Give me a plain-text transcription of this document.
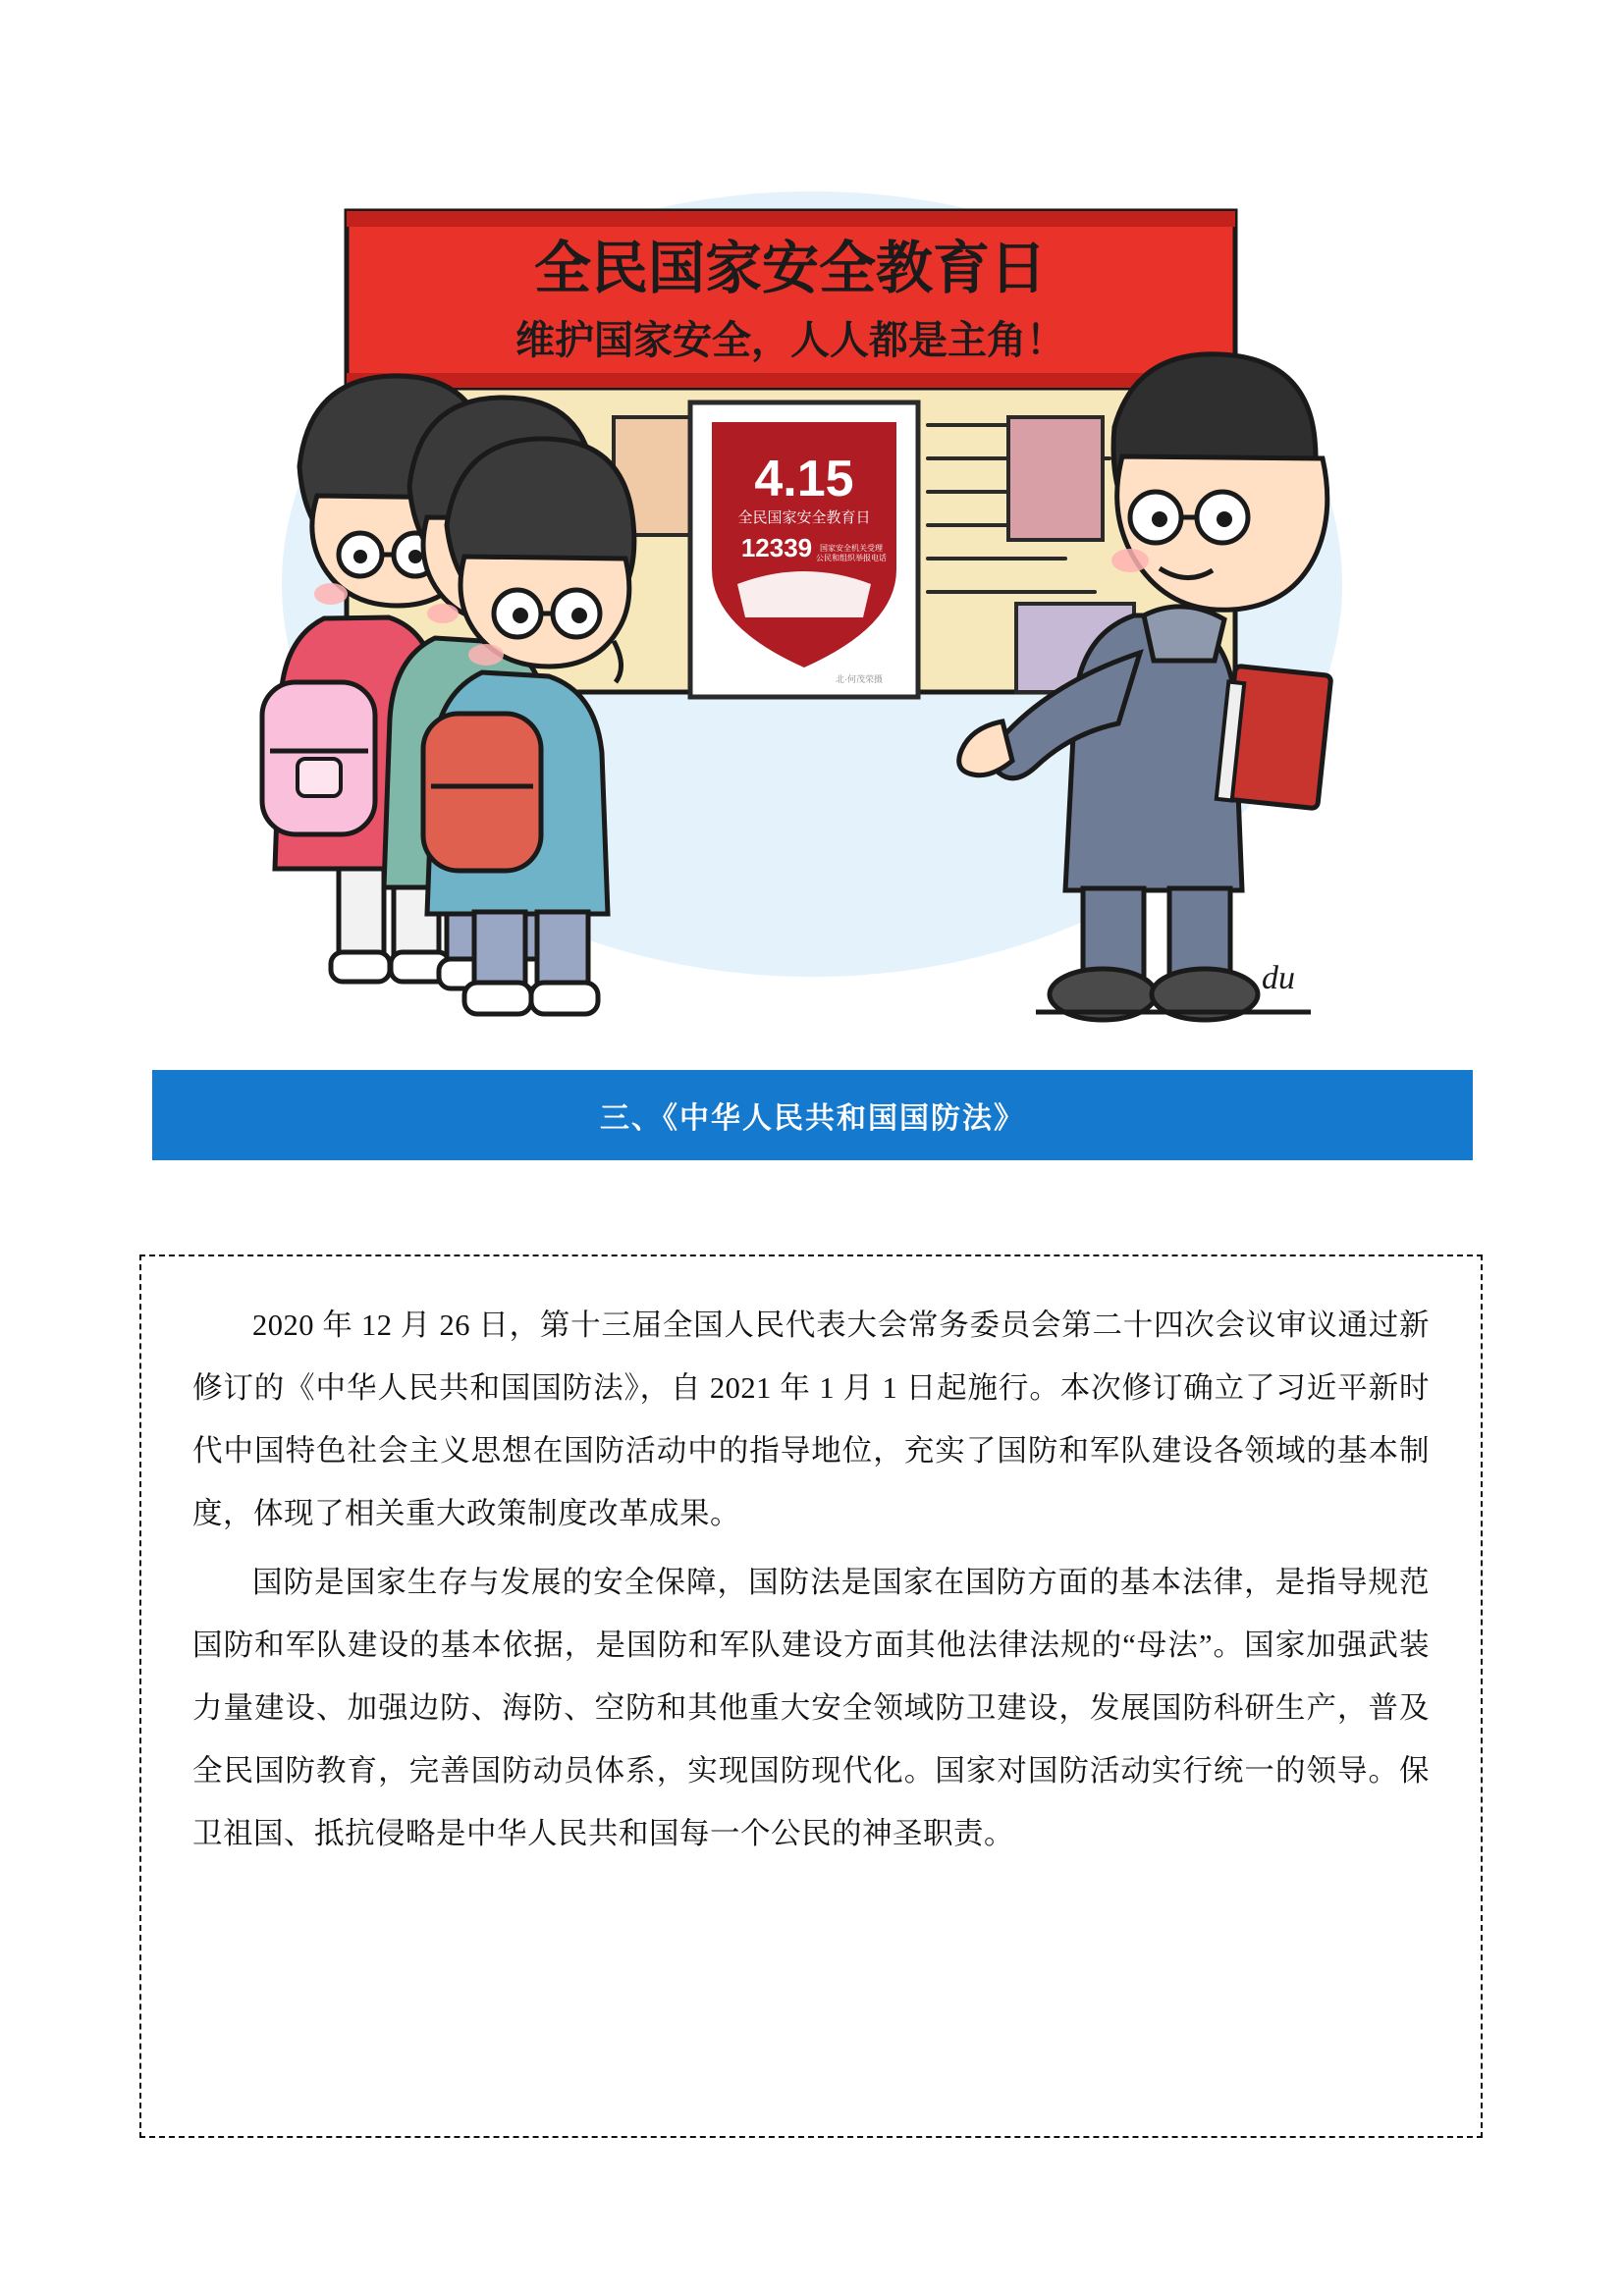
全民国家安全教育日
维护国家安全，人人都是主角！
4.15
全民国家安全教育日
12339 国家安全机关受理
公民和组织举报电话
北·何茂荣摄
du
三、《中华人民共和国国防法》

2020 年 12 月 26 日，第十三届全国人民代表大会常务委员会第二十四次会议审议通过新修订的《中华人民共和国国防法》，自 2021 年 1 月 1 日起施行。本次修订确立了习近平新时代中国特色社会主义思想在国防活动中的指导地位，充实了国防和军队建设各领域的基本制度，体现了相关重大政策制度改革成果。

国防是国家生存与发展的安全保障，国防法是国家在国防方面的基本法律，是指导规范国防和军队建设的基本依据，是国防和军队建设方面其他法律法规的“母法”。国家加强武装力量建设、加强边防、海防、空防和其他重大安全领域防卫建设，发展国防科研生产，普及全民国防教育，完善国防动员体系，实现国防现代化。国家对国防活动实行统一的领导。保卫祖国、抵抗侵略是中华人民共和国每一个公民的神圣职责。
